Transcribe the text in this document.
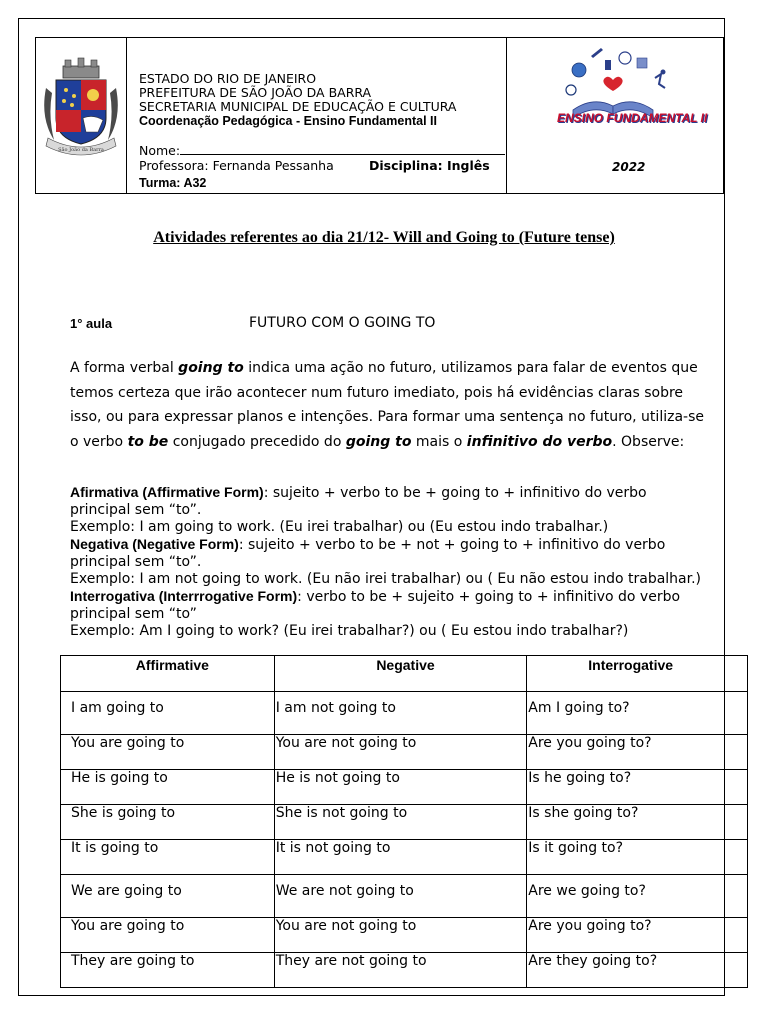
São João da Barra
ESTADO DO RIO DE JANEIRO
PREFEITURA DE SÃO JOÃO DA BARRA
SECRETARIA MUNICIPAL DE EDUCAÇÃO E CULTURA
Coordenação Pedagógica - Ensino Fundamental II
Nome:
Professora: Fernanda Pessanha	Disciplina: Inglês
Turma: A32
ENSINO FUNDAMENTAL II
2022
Atividades referentes ao dia 21/12- Will and Going to (Future tense)
1° aula	FUTURO COM O GOING TO
A forma verbal going to indica uma ação no futuro, utilizamos para falar de eventos que temos certeza que irão acontecer num futuro imediato, pois há evidências claras sobre isso, ou para expressar planos e intenções. Para formar uma sentença no futuro, utiliza-se o verbo to be conjugado precedido do going to mais o infinitivo do verbo. Observe:
Afirmativa (Affirmative Form): sujeito + verbo to be + going to + infinitivo do verbo principal sem “to”.
Exemplo: I am going to work. (Eu irei trabalhar) ou (Eu estou indo trabalhar.)
Negativa (Negative Form): sujeito + verbo to be + not + going to + infinitivo do verbo principal sem “to”.
Exemplo: I am not going to work. (Eu não irei trabalhar) ou ( Eu não estou indo trabalhar.) Interrogativa (Interrrogative Form): verbo to be + sujeito + going to + infinitivo do verbo principal sem “to”
Exemplo: Am I going to work? (Eu irei trabalhar?) ou ( Eu estou indo trabalhar?)
Affirmative	Negative	Interrogative	
I am going to	I am not going to	Am I going to?	
You are going to	You are not going to	Are you going to?	
He is going to	He is not going to	Is he going to?	
She is going to	She is not going to	Is she going to?	
It is going to	It is not going to	Is it going to?	
We are going to	We are not going to	Are we going to?	
You are going to	You are not going to	Are you going to?	
They are going to	They are not going to	Are they going to?	
